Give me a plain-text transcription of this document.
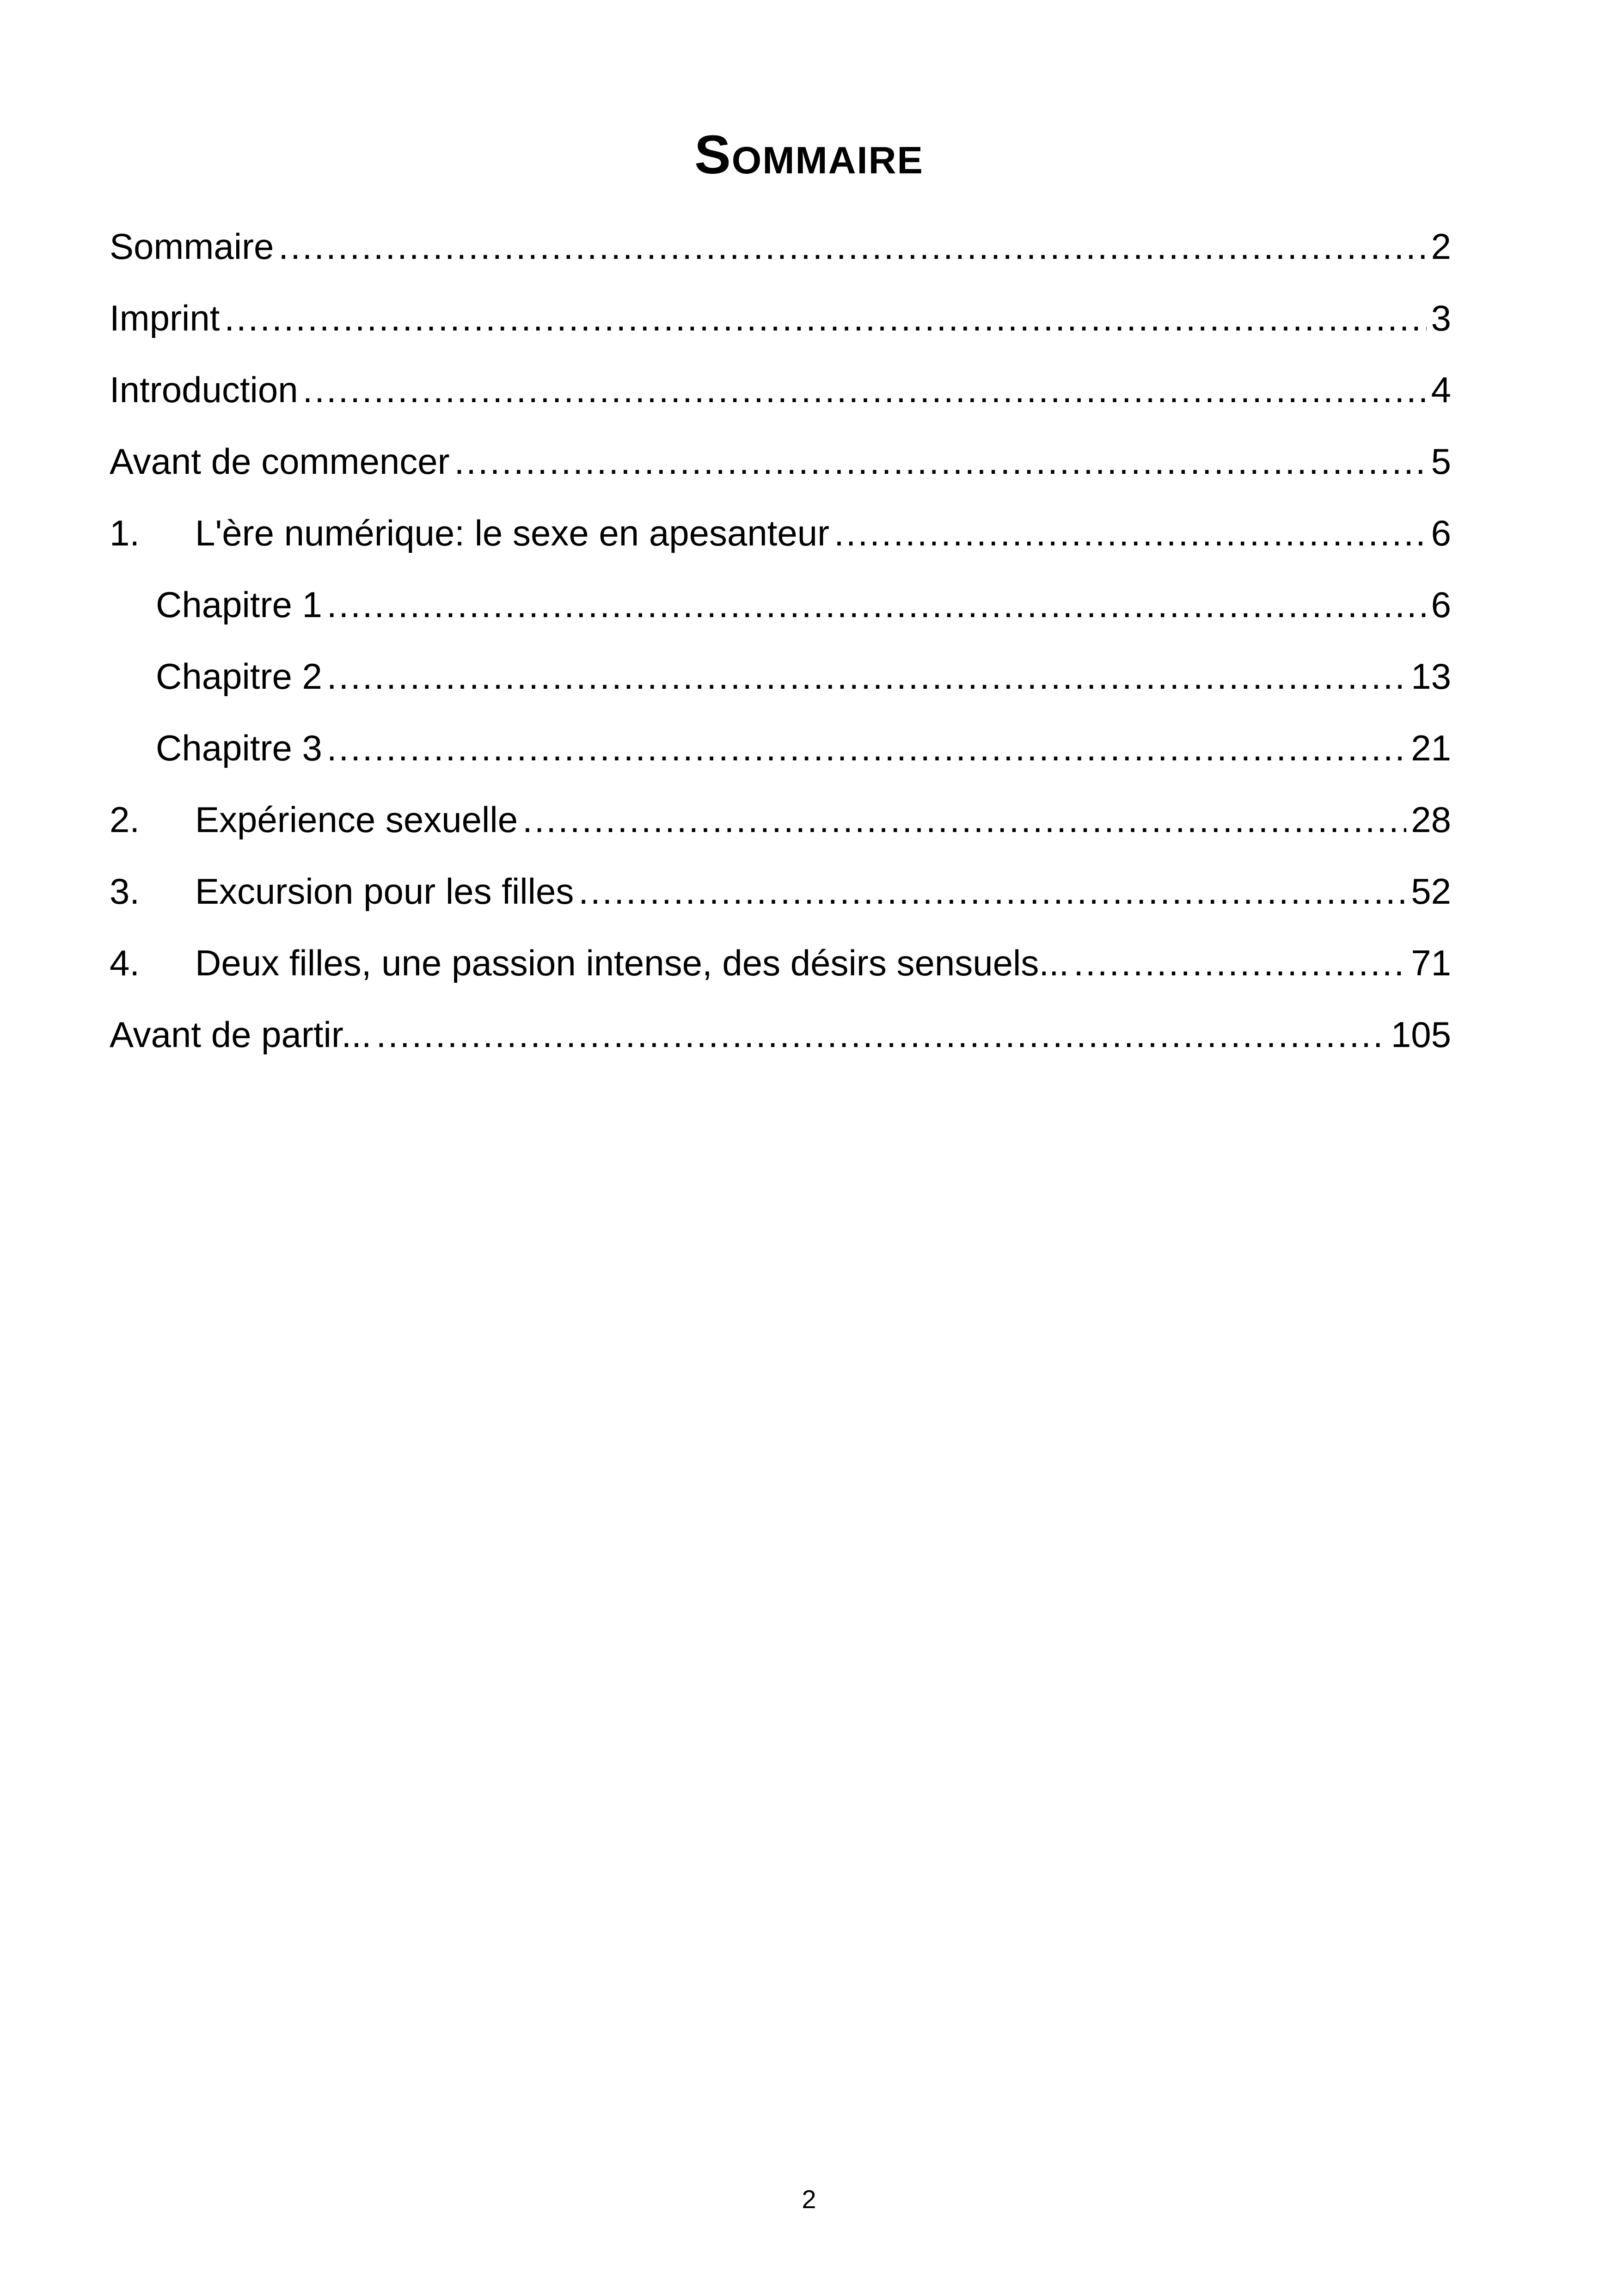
Sommaire
Sommaire .....	2
Imprint .....	3
Introduction .....	4
Avant de commencer .....	5
1.	L'ère numérique: le sexe en apesanteur .....	6
Chapitre 1 .....	6
Chapitre 2 .....	13
Chapitre 3 .....	21
2.	Expérience sexuelle .....	28
3.	Excursion pour les filles .....	52
4.	Deux filles, une passion intense, des désirs sensuels... .....	71
Avant de partir... .....	105
2
